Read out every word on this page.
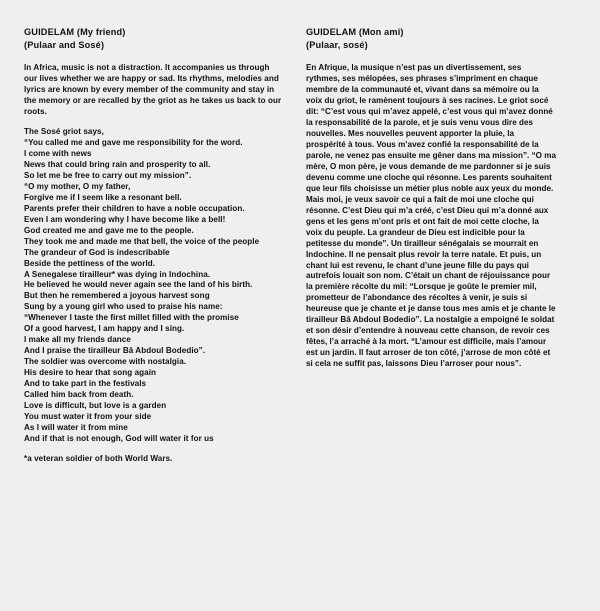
GUIDELAM (My friend)
(Pulaar and Sosé)

In Africa, music is not a distraction. It accompanies us through our lives whether we are happy or sad. Its rhythms, melodies and lyrics are known by every member of the community and stay in the memory or are recalled by the griot as he takes us back to our roots.

The Sosé griot says,
“You called me and gave me responsibility for the word.
I come with news
News that could bring rain and prosperity to all.
So let me be free to carry out my mission”.
“O my mother, O my father,
Forgive me if I seem like a resonant bell.
Parents prefer their children to have a noble occupation.
Even I am wondering why I have become like a bell!
God created me and gave me to the people.
They took me and made me that bell, the voice of the people
The grandeur of God is indescribable
Beside the pettiness of the world.
A Senegalese tirailleur* was dying in Indochina.
He believed he would never again see the land of his birth.
But then he remembered a joyous harvest song
Sung by a young girl who used to praise his name:
“Whenever I taste the first millet filled with the promise
Of a good harvest, I am happy and I sing.
I make all my friends dance
And I praise the tirailleur Bâ Abdoul Bodedio”.
The soldier was overcome with nostalgia.
His desire to hear that song again
And to take part in the festivals
Called him back from death.
Love is difficult, but love is a garden
You must water it from your side
As I will water it from mine
And if that is not enough, God will water it for us

*a veteran soldier of both World Wars.

GUIDELAM (Mon ami)
(Pulaar, sosé)
En Afrique, la musique n’est pas un divertissement, ses rythmes, ses mélopées, ses phrases s’impriment en chaque membre de la communauté et, vivant dans sa mémoire ou la voix du griot, le ramènent toujours à ses racines. Le griot socé dit: “C’est vous qui m’avez appelé, c’est vous qui m’avez donné la responsabilité de la parole, et je suis venu vous dire des nouvelles. Mes nouvelles peuvent apporter la pluie, la prospérité à tous. Vous m’avez confié la responsabilité de la parole, ne venez pas ensuite me gêner dans ma mission”. “O ma mère, O mon père, je vous demande de me pardonner si je suis devenu comme une cloche qui résonne. Les parents souhaitent que leur fils choisisse un métier plus noble aux yeux du monde. Mais moi, je veux savoir ce qui a fait de moi une cloche qui résonne. C’est Dieu qui m’a créé, c’est Dieu qui m’a donné aux gens et les gens m’ont pris et ont fait de moi cette cloche, la voix du peuple. La grandeur de Dieu est indicible pour la petitesse du monde”. Un tirailleur sénégalais se mourrait en Indochine. Il ne pensait plus revoir la terre natale. Et puis, un chant lui est revenu, le chant d’une jeune fille du pays qui autrefois louait son nom. C’était un chant de réjouissance pour la première récolte du mil: “Lorsque je goûte le premier mil, prometteur de l’abondance des récoltes à venir, je suis si heureuse que je chante et je danse tous mes amis et je chante le tirailleur Bâ Abdoul Bodedio”. La nostalgie a empoigné le soldat et son désir d’entendre à nouveau cette chanson, de revoir ces fêtes, l’a arraché à la mort. “L’amour est difficile, mais l’amour est un jardin. Il faut arroser de ton côté, j’arrose de mon côté et si cela ne suffit pas, laissons Dieu l’arroser pour nous”.
